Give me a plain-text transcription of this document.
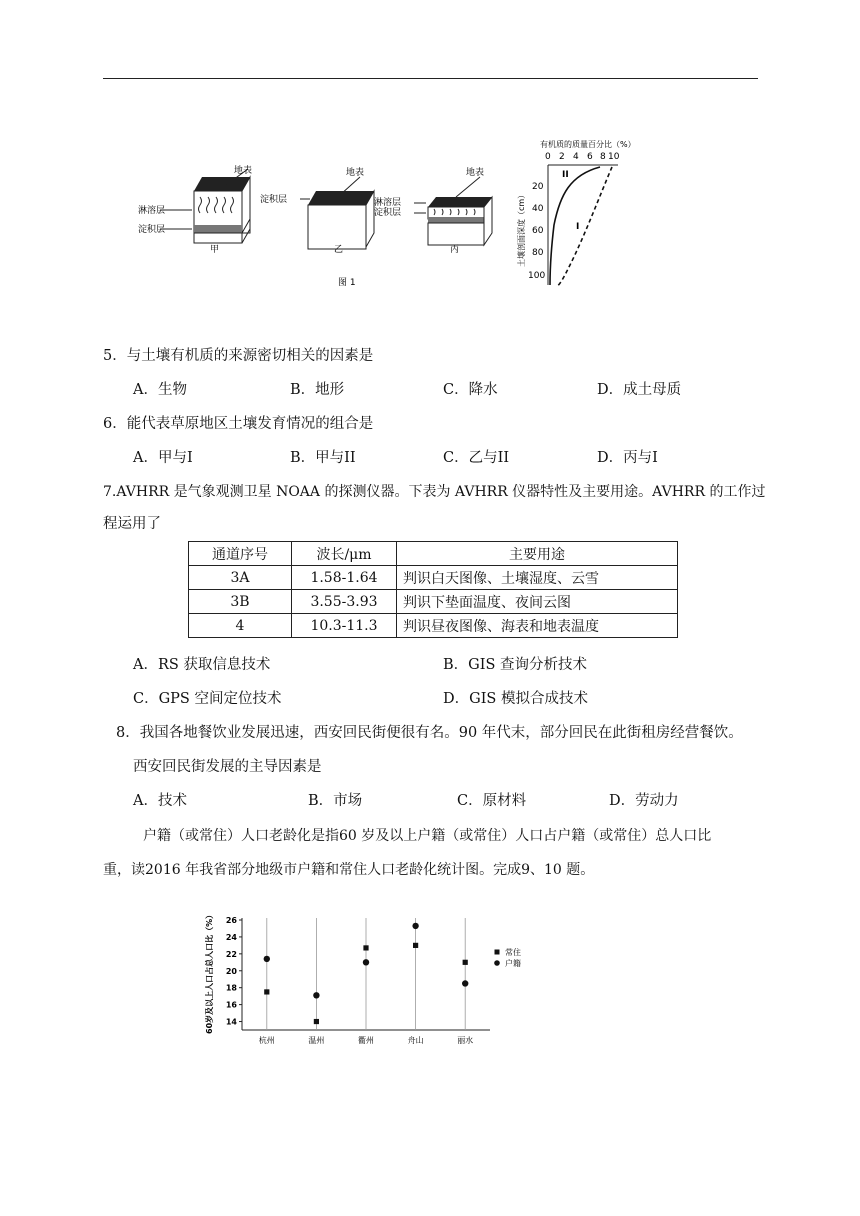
地表
淋溶层
淀积层
甲
地表
淀积层
乙
地表
淋溶层
淀积层
丙
图 1
有机质的质量百分比（%）
0 2 4 6 8 10
20
40
60
80
100
土壤剖面深度（cm）
II
I
5．与土壤有机质的来源密切相关的因素是
A．生物	B．地形	C．降水	D．成土母质
6．能代表草原地区土壤发育情况的组合是
A．甲与I	B．甲与II	C．乙与II	D．丙与I
7.AVHRR 是气象观测卫星 NOAA 的探测仪器。下表为 AVHRR 仪器特性及主要用途。AVHRR 的工作过
程运用了
通道序号	波长/μm	主要用途
3A	1.58-1.64	判识白天图像、土壤湿度、云雪
3B	3.55-3.93	判识下垫面温度、夜间云图
4	10.3-11.3	判识昼夜图像、海表和地表温度
A．RS 获取信息技术	B．GIS 查询分析技术
C．GPS 空间定位技术	D．GIS 模拟合成技术
8．我国各地餐饮业发展迅速，西安回民街便很有名。90 年代末，部分回民在此街租房经营餐饮。
西安回民街发展的主导因素是
A．技术	B．市场	C．原材料	D．劳动力
户籍（或常住）人口老龄化是指60 岁及以上户籍（或常住）人口占户籍（或常住）总人口比
重，读2016 年我省部分地级市户籍和常住人口老龄化统计图。完成9、10 题。
60岁及以上人口占总人口比（%） 14
16
18
20
22
24
26
杭州	温州	衢州	舟山	丽水
常住
户籍
